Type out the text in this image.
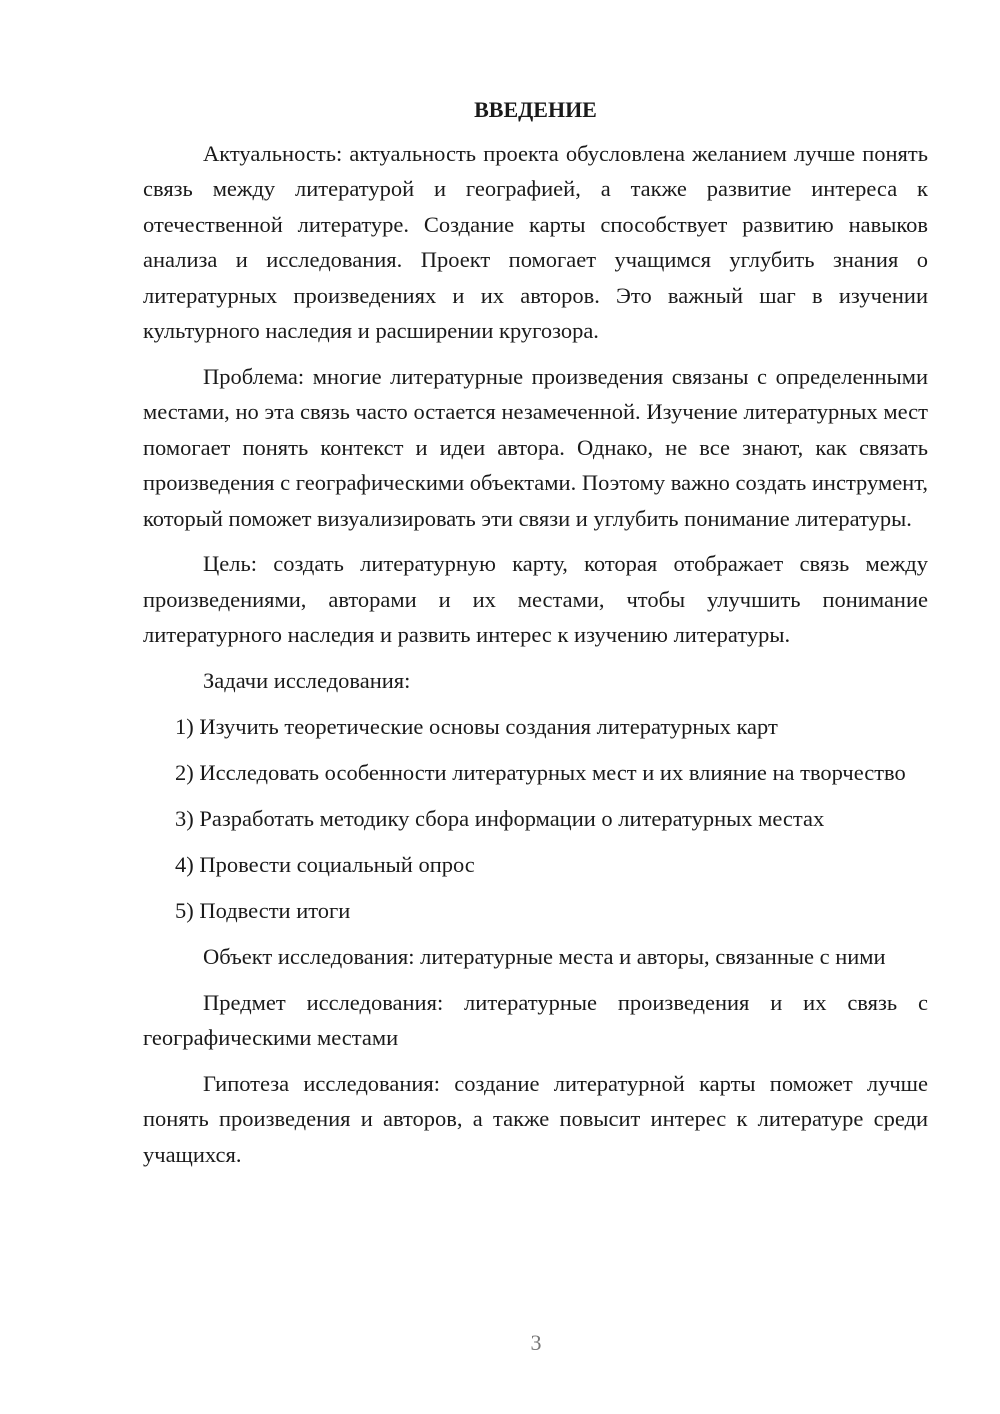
ВВЕДЕНИЕ

Актуальность: актуальность проекта обусловлена желанием лучше понять связь между литературой и географией, а также развитие интереса к отечественной литературе. Создание карты способствует развитию навыков анализа и исследования. Проект помогает учащимся углубить знания о литературных произведениях и их авторов. Это важный шаг в изучении культурного наследия и расширении кругозора.

Проблема: многие литературные произведения связаны с определенными местами, но эта связь часто остается незамеченной. Изучение литературных мест помогает понять контекст и идеи автора. Однако, не все знают, как связать произведения с географическими объектами. Поэтому важно создать инструмент, который поможет визуализировать эти связи и углубить понимание литературы.

Цель: создать литературную карту, которая отображает связь между произведениями, авторами и их местами, чтобы улучшить понимание литературного наследия и развить интерес к изучению литературы.

Задачи исследования:

1) Изучить теоретические основы создания литературных карт

2) Исследовать особенности литературных мест и их влияние на творчество

3) Разработать методику сбора информации о литературных местах

4) Провести социальный опрос

5) Подвести итоги

Объект исследования: литературные места и авторы, связанные с ними

Предмет исследования: литературные произведения и их связь с географическими местами

Гипотеза исследования: создание литературной карты поможет лучше понять произведения и авторов, а также повысит интерес к литературе среди учащихся.

3
